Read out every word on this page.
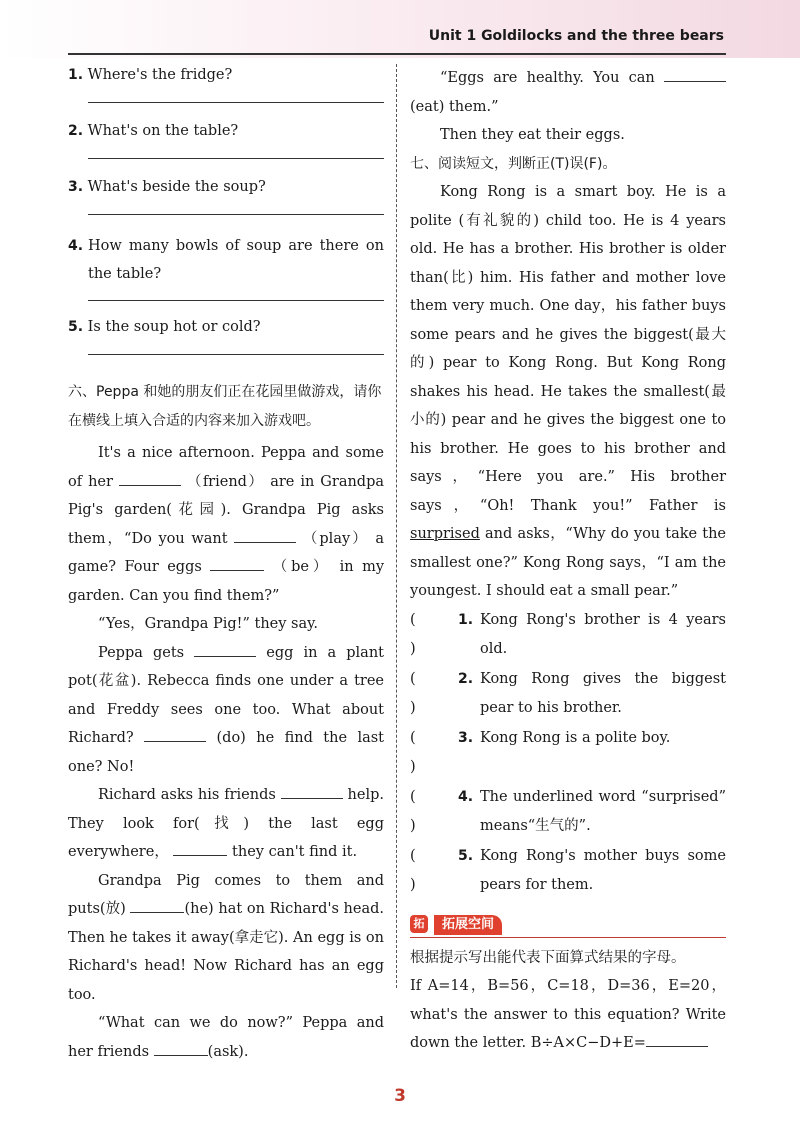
Unit 1 Goldilocks and the three bears
1. Where's the fridge?
2. What's on the table?
3. What's beside the soup?
4. How many bowls of soup are there on the table?
5. Is the soup hot or cold?

六、Peppa 和她的朋友们正在花园里做游戏，请你在横线上填入合适的内容来加入游戏吧。

It's a nice afternoon. Peppa and some of her	（friend） are in Grandpa Pig's garden(花园). Grandpa Pig asks them，“Do you want	（play） a game? Four eggs	（be） in my garden. Can you find them?”

“Yes，Grandpa Pig!” they say.

Peppa gets	egg in a plant pot(花盆). Rebecca finds one under a tree and Freddy sees one too. What about Richard?	(do) he find the last one? No!

Richard asks his friends	help. They look for(找) the last egg everywhere，	they can't find it.

Grandpa Pig comes to them and puts(放)	(he) hat on Richard's head. Then he takes it away(拿走它). An egg is on Richard's head! Now Richard has an egg too.

“What can we do now?” Peppa and her friends	(ask).

“Eggs are healthy. You can  (eat) them.”

Then they eat their eggs.

七、阅读短文，判断正(T)误(F)。

Kong Rong is a smart boy. He is a polite (有礼貌的) child too. He is 4 years old. He has a brother. His brother is older than(比) him. His father and mother love them very much. One day，his father buys some pears and he gives the biggest(最大的) pear to Kong Rong. But Kong Rong shakes his head. He takes the smallest(最小的) pear and he gives the biggest one to his brother. He goes to his brother and says，“Here you are.” His brother says，“Oh! Thank you!” Father is surprised and asks，“Why do you take the smallest one?” Kong Rong says，“I am the youngest. I should eat a small pear.”

( )
1. Kong Rong's brother is 4 years old.
( )
2. Kong Rong gives the biggest pear to his brother.
( )
3. Kong Rong is a polite boy.
( )
4. The underlined word “surprised” means“生气的”.
( )
5. Kong Rong's mother buys some pears for them.
拓	拓展空间

根据提示写出能代表下面算式结果的字母。

If A=14，B=56，C=18，D=36，E=20，what's the answer to this equation? Write down the letter. B÷A×C−D+E=

3
